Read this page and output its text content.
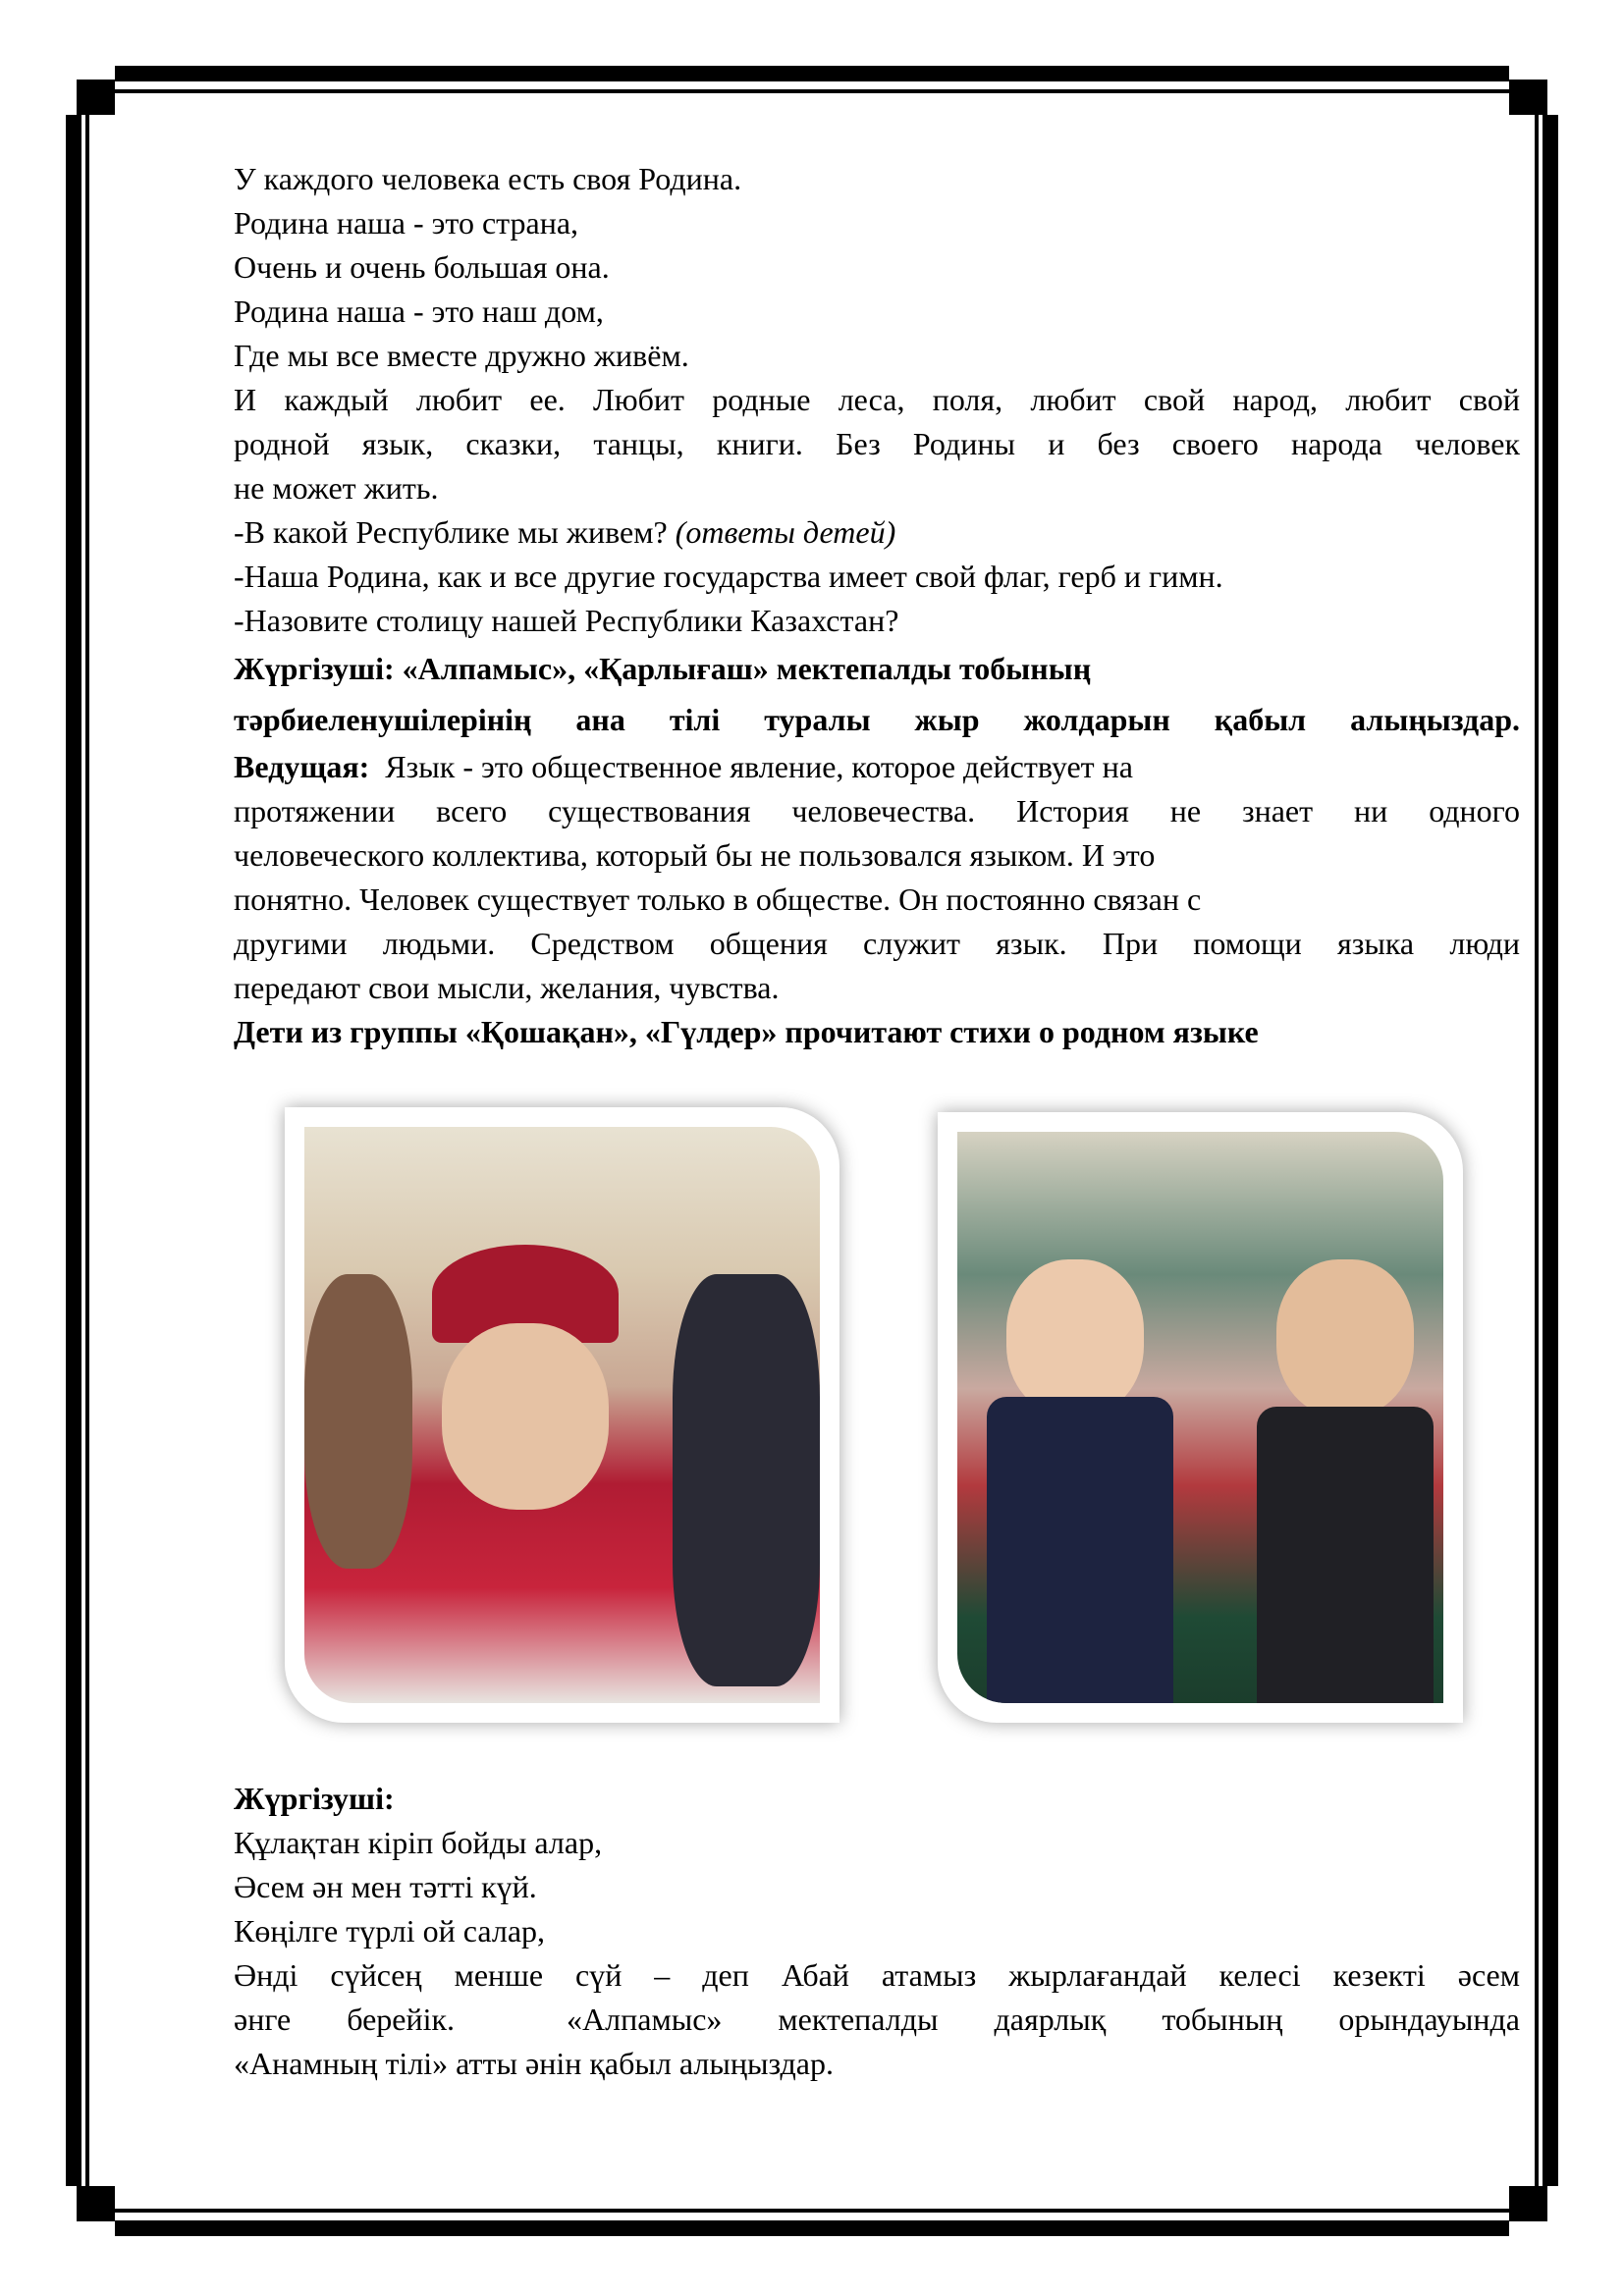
У каждого человека есть своя Родина.
Родина наша - это страна,
Очень и очень большая она.
Родина наша - это наш дом,
Где мы все вместе дружно живём.
И каждый любит ее. Любит родные леса, поля, любит свой народ, любит свой
родной язык, сказки, танцы, книги. Без Родины и без своего народа человек
не может жить.
-В какой Республике мы живем? (ответы детей)
-Наша Родина, как и все другие государства имеет свой флаг, герб и гимн.
-Назовите столицу нашей Республики Казахстан?
Жүргізуші: «Алпамыс», «Қарлығаш» мектепалды тобының
тәрбиеленушілерінің ана тілі туралы жыр жолдарын қабыл алыңыздар.
Ведущая:  Язык - это общественное явление, которое действует на
протяжении всего существования человечества. История не знает ни одного
человеческого коллектива, который бы не пользовался языком. И это
понятно. Человек существует только в обществе. Он постоянно связан с
другими людьми. Средством общения служит язык. При помощи языка люди
передают свои мысли, желания, чувства.
Дети из группы «Қошақан», «Гүлдер» прочитают стихи о родном языке
Жүргізуші:
Құлақтан кіріп бойды алар,
Әсем ән мен тәтті күй.
Көңілге түрлі ой салар,
Әнді сүйсең менше сүй – деп Абай атамыз жырлағандай келесі кезекті әсем
әнге берейік.  «Алпамыс» мектепалды даярлық тобының орындауында
«Анамның тілі» атты әнін қабыл алыңыздар.
